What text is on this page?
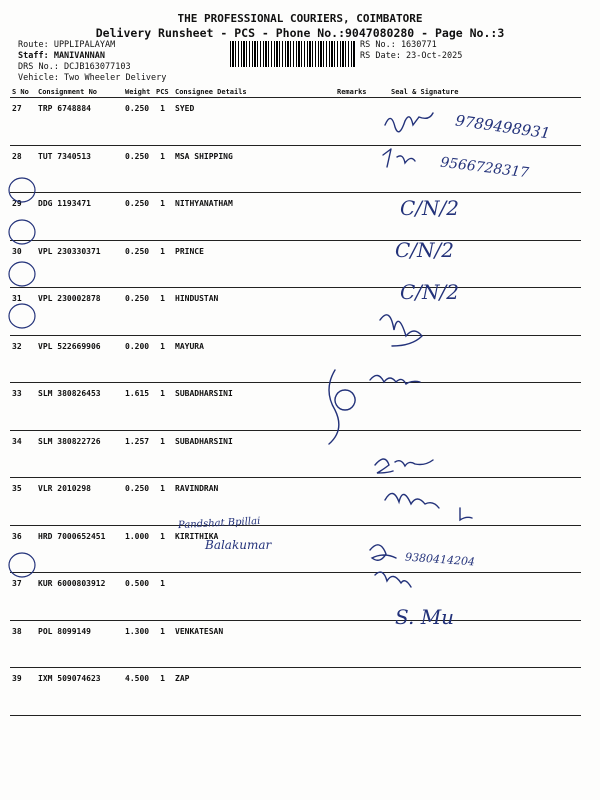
THE PROFESSIONAL COURIERS, COIMBATORE
Delivery Runsheet - PCS - Phone No.:9047080280 - Page No.:3
Route: UPPLIPALAYAM
Staff: MANIVANNAN
DRS No.: DCJB163077103
Vehicle: Two Wheeler Delivery
RS No.: 1630771
RS Date: 23-Oct-2025
S No	Consignment No	Weight	PCS	Consignee Details	Remarks	Seal & Signature
27	TRP 6748884	0.250	1	SYED		
28	TUT 7340513	0.250	1	MSA SHIPPING		
29	DDG 1193471	0.250	1	NITHYANATHAM		
30	VPL 230330371	0.250	1	PRINCE		
31	VPL 230002878	0.250	1	HINDUSTAN		
32	VPL 522669906	0.200	1	MAYURA		
33	SLM 380826453	1.615	1	SUBADHARSINI		
34	SLM 380822726	1.257	1	SUBADHARSINI		
35	VLR 2010298	0.250	1	RAVINDRAN		
36	HRD 7000652451	1.000	1	KIRITHIKA		
37	KUR 6000803912	0.500	1			
38	POL 8099149	1.300	1	VENKATESAN		
39	IXM 509074623	4.500	1	ZAP		
9789498931
9566728317
C/N/2
C/N/2
C/N/2
Pandshat Bpillai
Balakumar
9380414204
S. Mu
